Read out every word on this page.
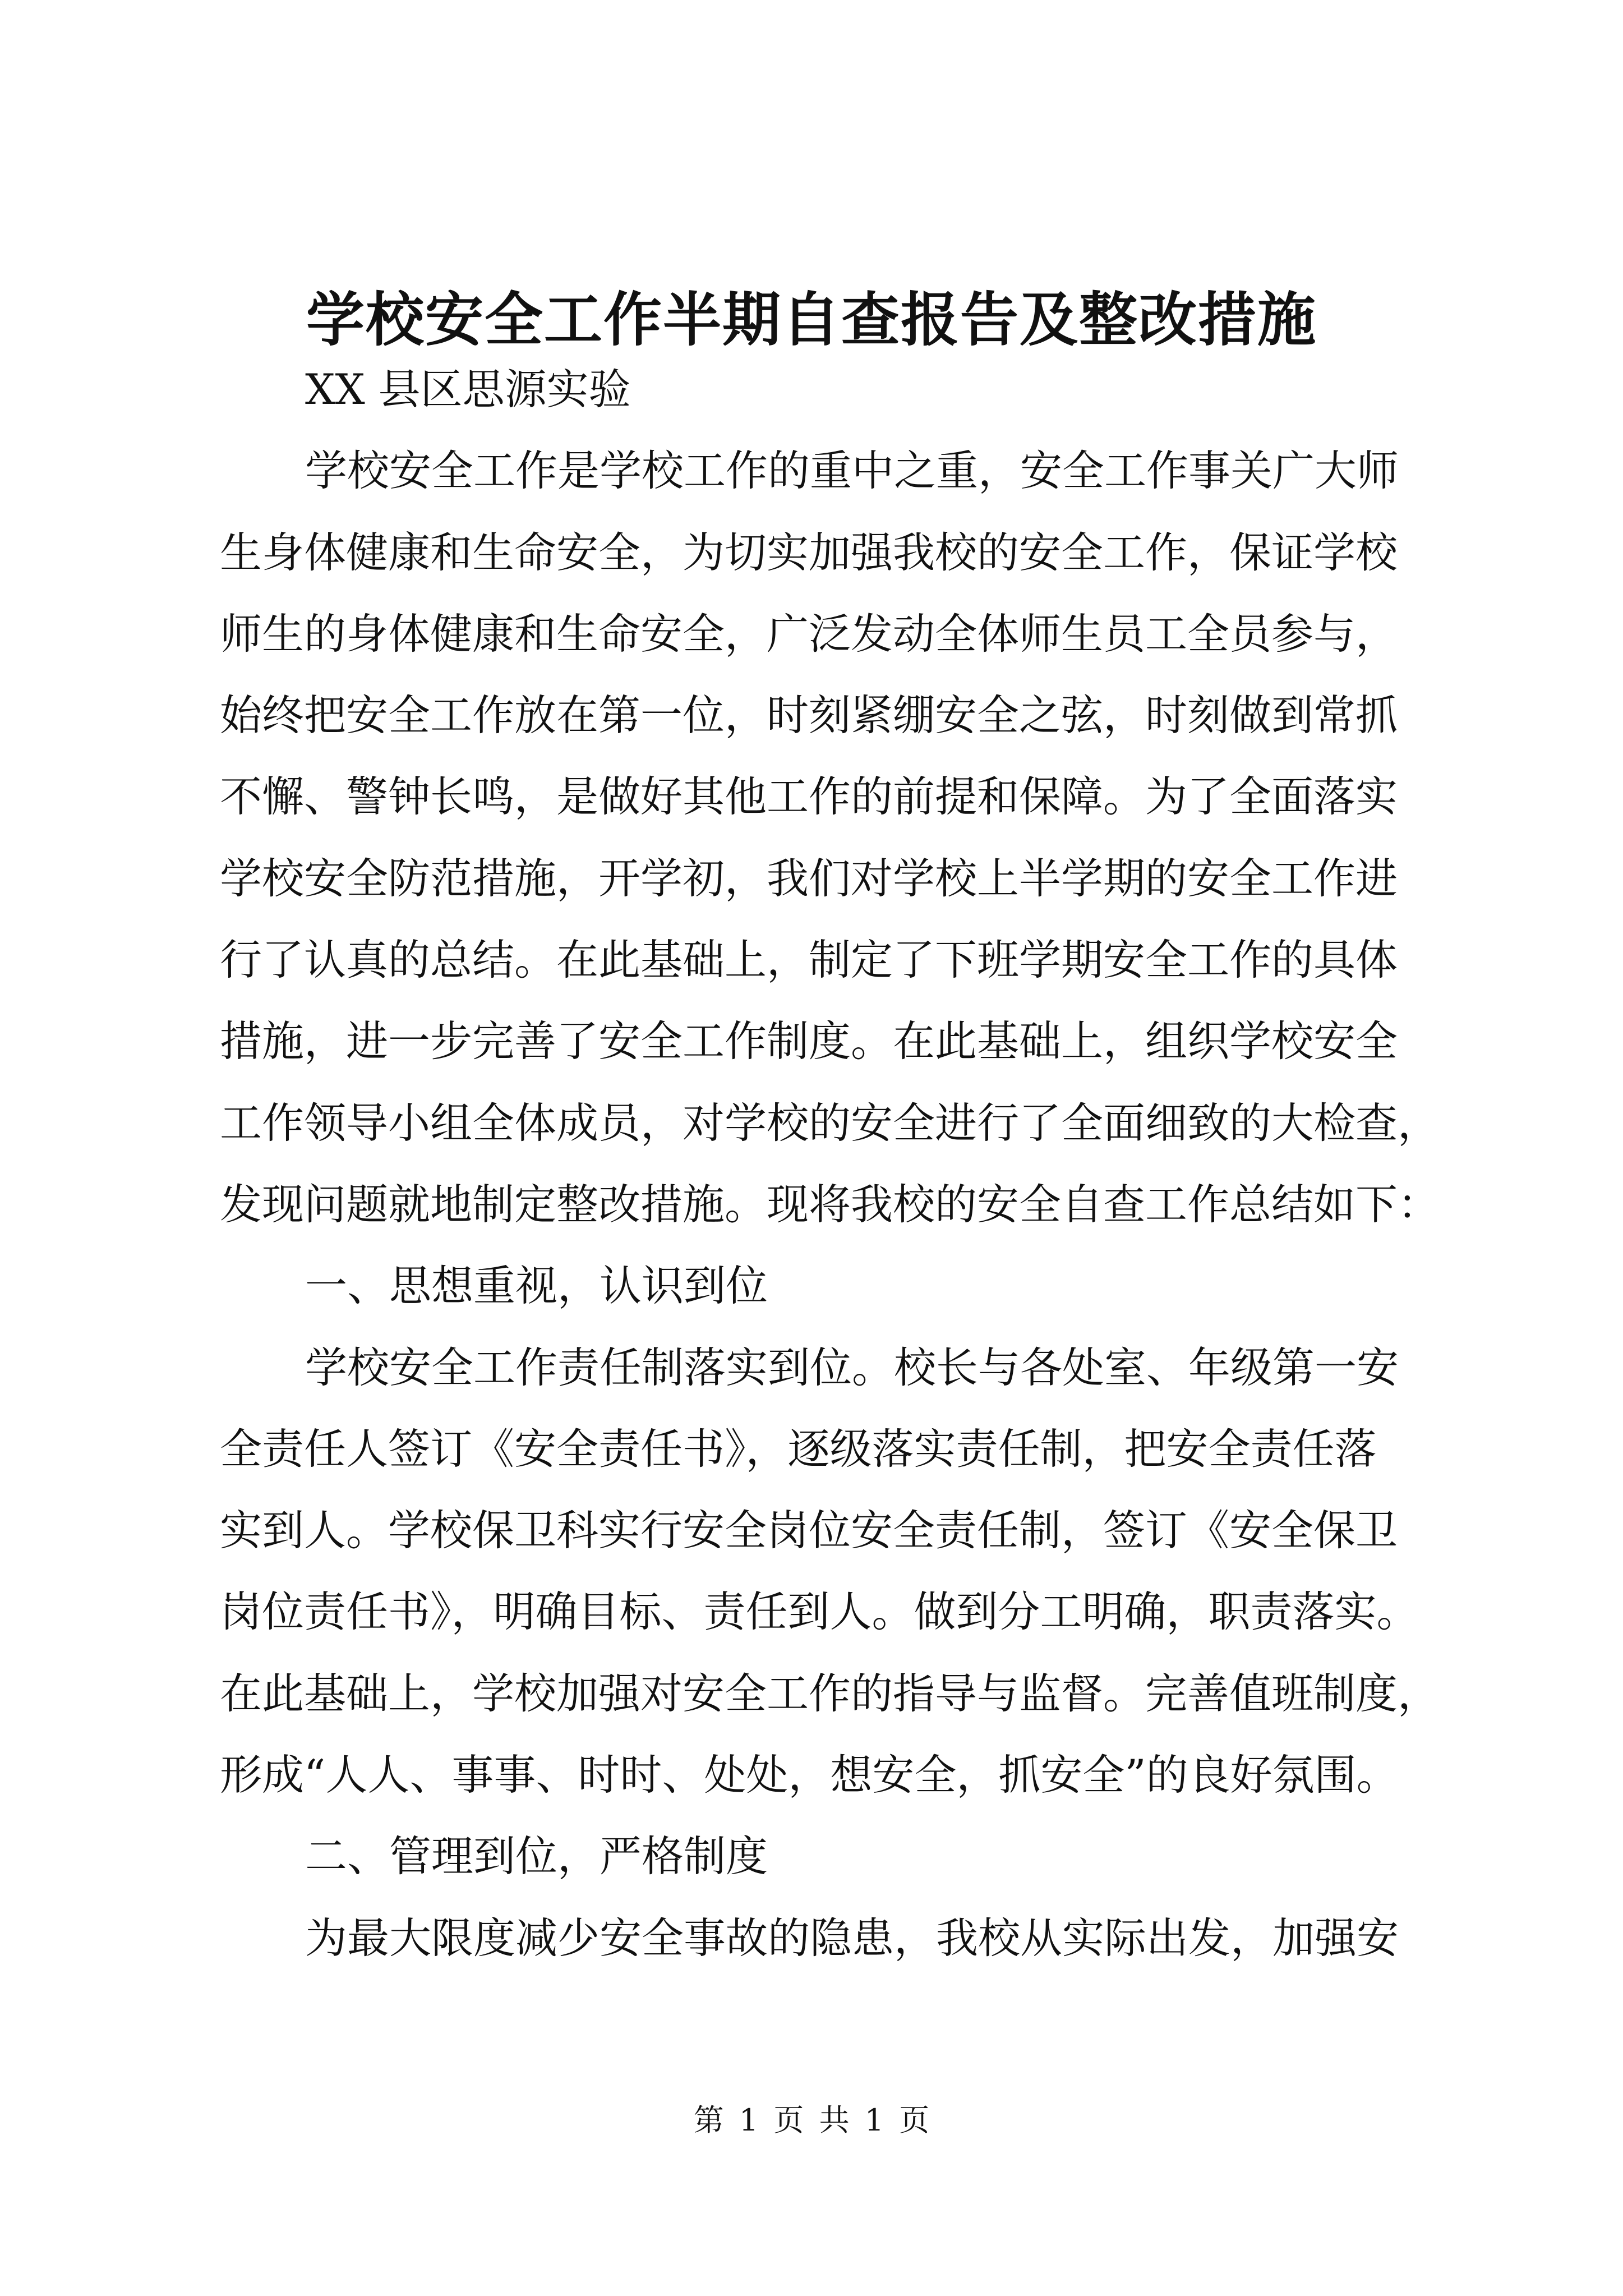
学校安全工作半期自查报告及整改措施
XX 县区思源实验
学校安全工作是学校工作的重中之重，安全工作事关广大师
生身体健康和生命安全，为切实加强我校的安全工作，保证学校
师生的身体健康和生命安全，广泛发动全体师生员工全员参与，
始终把安全工作放在第一位，时刻紧绷安全之弦，时刻做到常抓
不懈、警钟长鸣，是做好其他工作的前提和保障。为了全面落实
学校安全防范措施，开学初，我们对学校上半学期的安全工作进
行了认真的总结。在此基础上，制定了下班学期安全工作的具体
措施，进一步完善了安全工作制度。在此基础上，组织学校安全
工作领导小组全体成员，对学校的安全进行了全面细致的大检查，
发现问题就地制定整改措施。现将我校的安全自查工作总结如下：
一、思想重视，认识到位
学校安全工作责任制落实到位。校长与各处室、年级第一安
全责任人签订《安全责任书》，逐级落实责任制，把安全责任落
实到人。学校保卫科实行安全岗位安全责任制，签订《安全保卫
岗位责任书》，明确目标、责任到人。做到分工明确，职责落实。
在此基础上，学校加强对安全工作的指导与监督。完善值班制度，
形成“人人、事事、时时、处处，想安全，抓安全”的良好氛围。
二、管理到位，严格制度
为最大限度减少安全事故的隐患，我校从实际出发，加强安
第 1 页 共 1 页
